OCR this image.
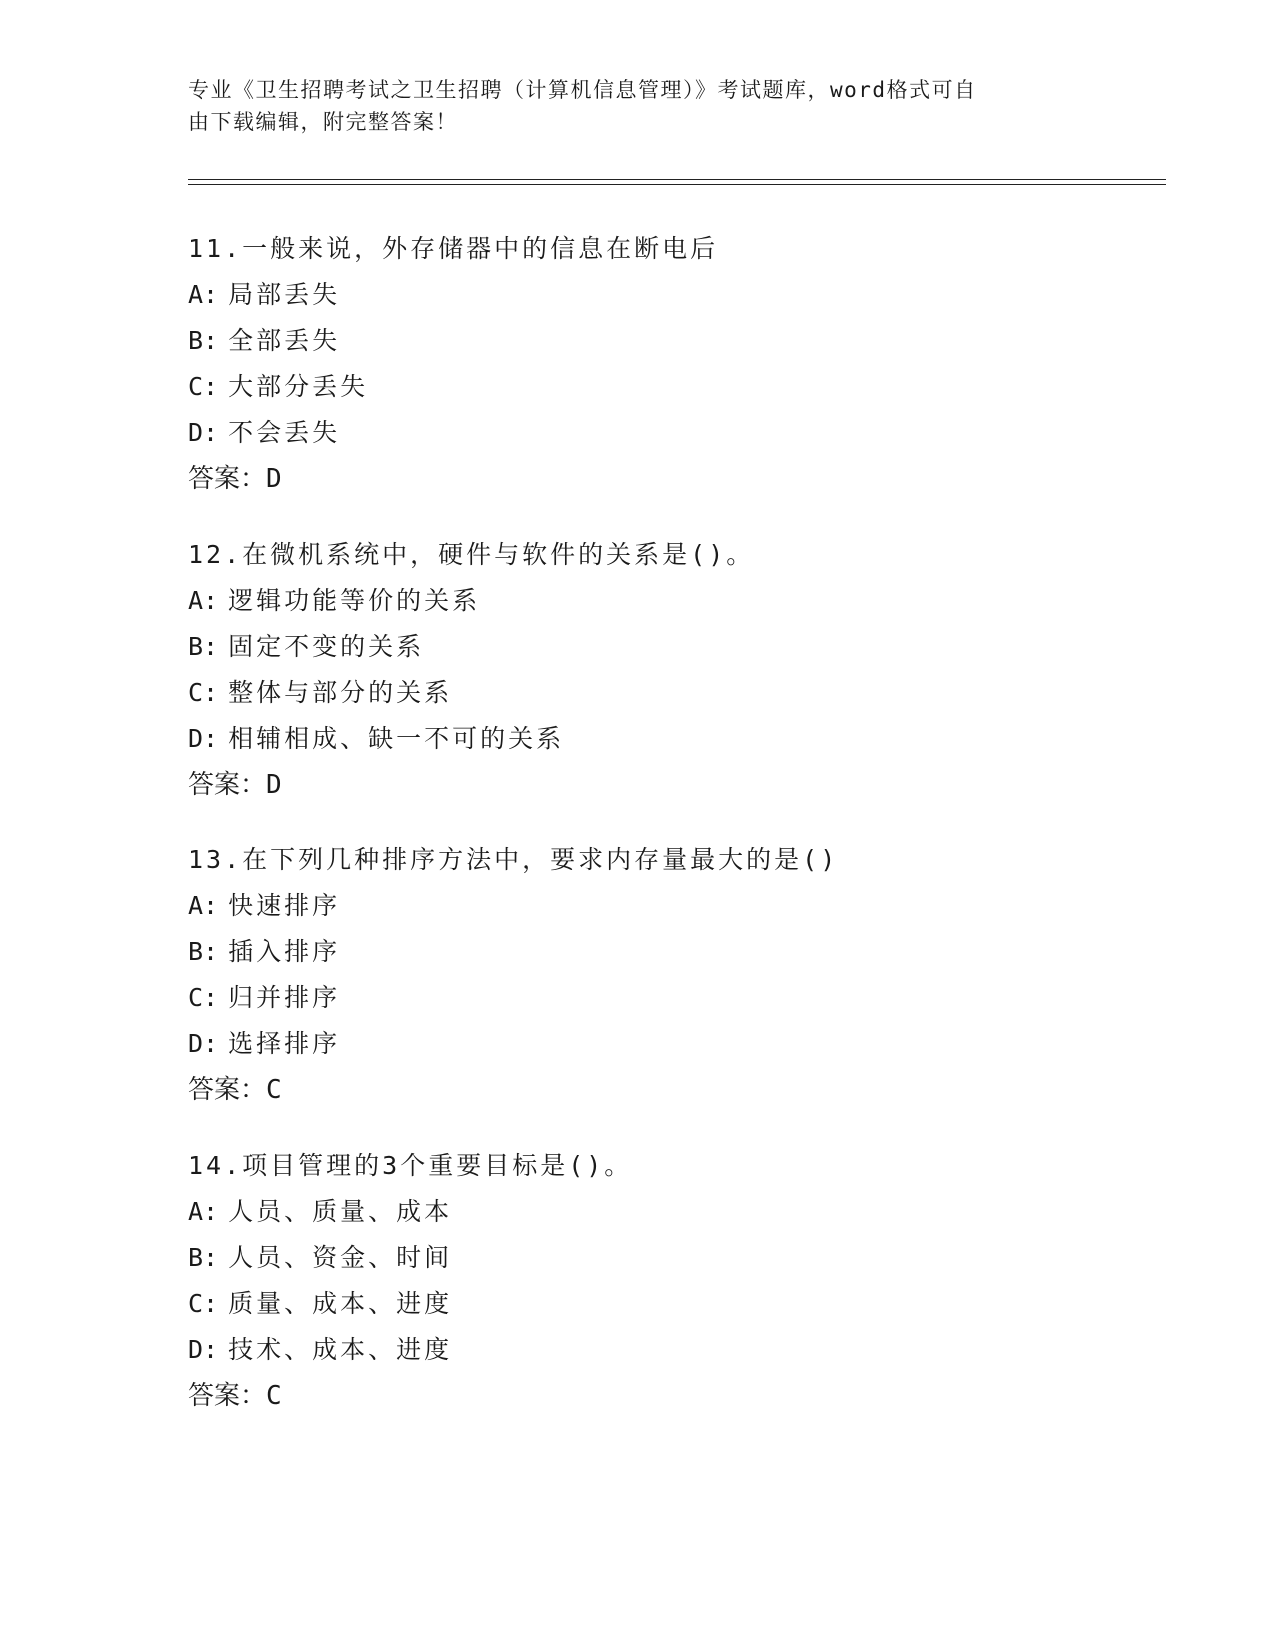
专业《卫生招聘考试之卫生招聘（计算机信息管理）》考试题库，word格式可自
由下载编辑，附完整答案！
11.一般来说，外存储器中的信息在断电后
A: 局部丢失
B: 全部丢失
C: 大部分丢失
D: 不会丢失
答案：D
12.在微机系统中，硬件与软件的关系是()。
A: 逻辑功能等价的关系
B: 固定不变的关系
C: 整体与部分的关系
D: 相辅相成、缺一不可的关系
答案：D
13.在下列几种排序方法中，要求内存量最大的是()
A: 快速排序
B: 插入排序
C: 归并排序
D: 选择排序
答案：C
14.项目管理的3个重要目标是()。
A: 人员、质量、成本
B: 人员、资金、时间
C: 质量、成本、进度
D: 技术、成本、进度
答案：C
